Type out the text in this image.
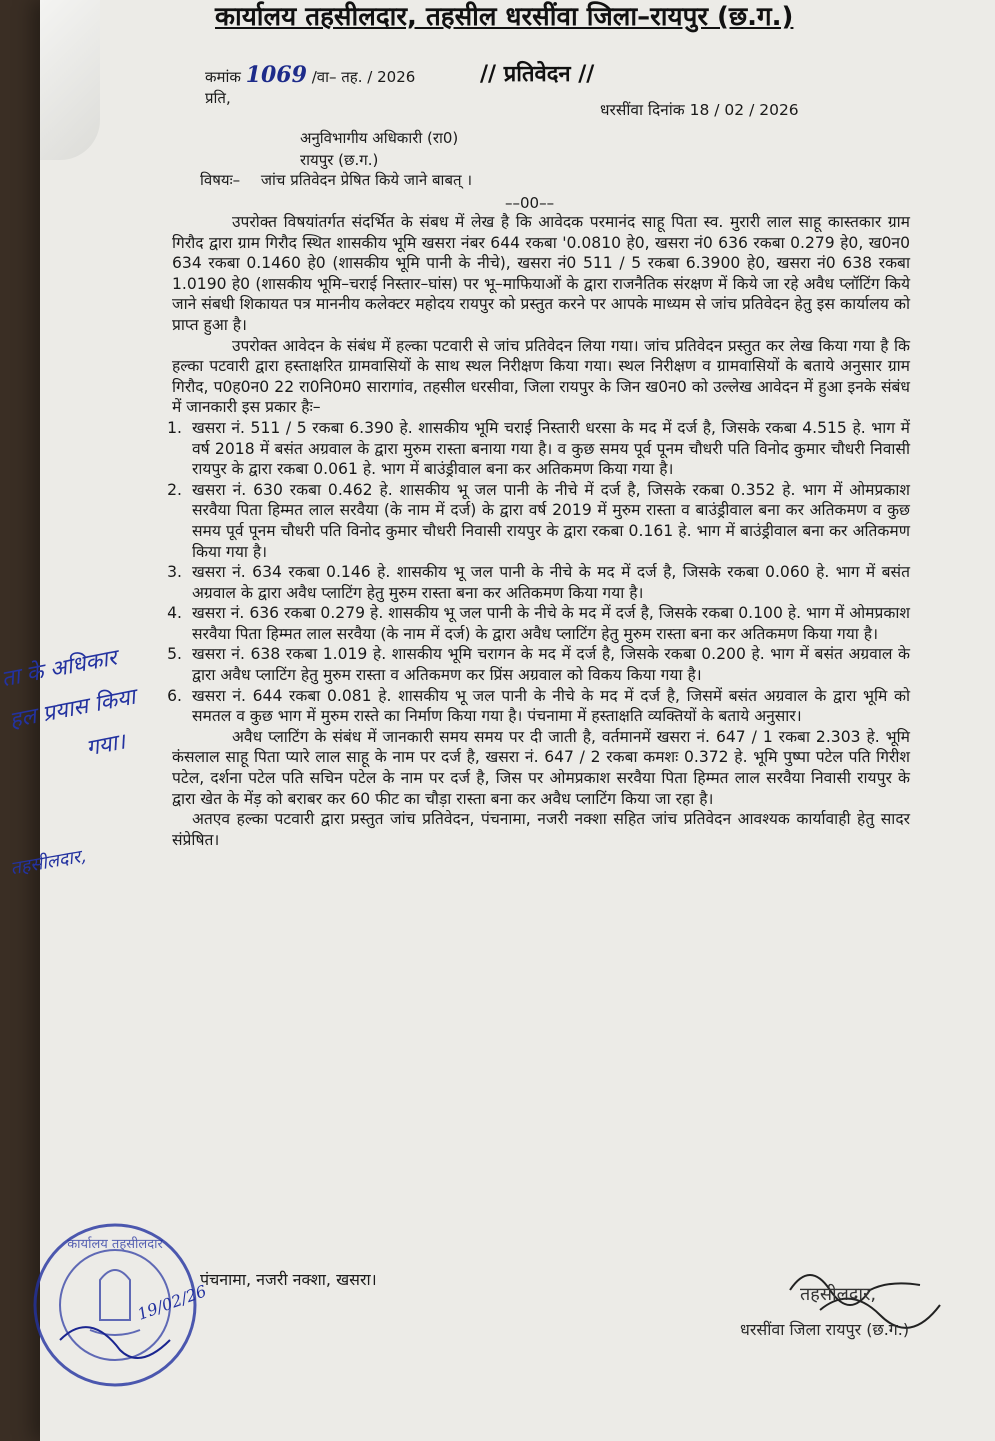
कार्यालय तहसीलदार, तहसील धरसींवा जिला–रायपुर (छ.ग.)
// प्रतिवेदन //
कमांक 1069 /वा– तह. / 2026
प्रति,
धरसींवा दिनांक 18 / 02 / 2026
अनुविभागीय अधिकारी (रा0)
रायपुर (छ.ग.)
विषयः– जांच प्रतिवेदन प्रेषित किये जाने बाबत् ।
––00––

उपरोक्त विषयांतर्गत संदर्भित के संबध में लेख है कि आवेदक परमानंद साहू पिता स्व. मुरारी लाल साहू कास्तकार ग्राम गिरौद द्वारा ग्राम गिरौद स्थित शासकीय भूमि खसरा नंबर 644 रकबा '0.0810 हे0, खसरा नं0 636 रकबा 0.279 हे0, ख0न0 634 रकबा 0.1460 हे0 (शासकीय भूमि पानी के नीचे), खसरा नं0 511 / 5 रकबा 6.3900 हे0, खसरा नं0 638 रकबा 1.0190 हे0 (शासकीय भूमि–चराई निस्तार–घांस) पर भू–माफियाओं के द्वारा राजनैतिक संरक्षण में किये जा रहे अवैध प्लॉटिंग किये जाने संबधी शिकायत पत्र माननीय कलेक्टर महोदय रायपुर को प्रस्तुत करने पर आपके माध्यम से जांच प्रतिवेदन हेतु इस कार्यालय को प्राप्त हुआ है।

उपरोक्त आवेदन के संबंध में हल्का पटवारी से जांच प्रतिवेदन लिया गया। जांच प्रतिवेदन प्रस्तुत कर लेख किया गया है कि हल्का पटवारी द्वारा हस्ताक्षरित ग्रामवासियों के साथ स्थल निरीक्षण किया गया। स्थल निरीक्षण व ग्रामवासियों के बताये अनुसार ग्राम गिरौद, प0ह0न0 22 रा0नि0म0 सारागांव, तहसील धरसीवा, जिला रायपुर के जिन ख0न0 को उल्लेख आवेदन में हुआ इनके संबंध में जानकारी इस प्रकार हैः–

1. खसरा नं. 511 / 5 रकबा 6.390 हे. शासकीय भूमि चराई निस्तारी धरसा के मद में दर्ज है, जिसके रकबा 4.515 हे. भाग में वर्ष 2018 में बसंत अग्रवाल के द्वारा मुरुम रास्ता बनाया गया है। व कुछ समय पूर्व पूनम चौधरी पति विनोद कुमार चौधरी निवासी रायपुर के द्वारा रकबा 0.061 हे. भाग में बाउंड्रीवाल बना कर अतिकमण किया गया है।
2. खसरा नं. 630 रकबा 0.462 हे. शासकीय भू जल पानी के नीचे में दर्ज है, जिसके रकबा 0.352 हे. भाग में ओमप्रकाश सरवैया पिता हिम्मत लाल सरवैया (के नाम में दर्ज) के द्वारा वर्ष 2019 में मुरुम रास्ता व बाउंड्रीवाल बना कर अतिकमण व कुछ समय पूर्व पूनम चौधरी पति विनोद कुमार चौधरी निवासी रायपुर के द्वारा रकबा 0.161 हे. भाग में बाउंड्रीवाल बना कर अतिकमण किया गया है।
3. खसरा नं. 634 रकबा 0.146 हे. शासकीय भू जल पानी के नीचे के मद में दर्ज है, जिसके रकबा 0.060 हे. भाग में बसंत अग्रवाल के द्वारा अवैध प्लाटिंग हेतु मुरुम रास्ता बना कर अतिकमण किया गया है।
4. खसरा नं. 636 रकबा 0.279 हे. शासकीय भू जल पानी के नीचे के मद में दर्ज है, जिसके रकबा 0.100 हे. भाग में ओमप्रकाश सरवैया पिता हिम्मत लाल सरवैया (के नाम में दर्ज) के द्वारा अवैध प्लाटिंग हेतु मुरुम रास्ता बना कर अतिकमण किया गया है।
5. खसरा नं. 638 रकबा 1.019 हे. शासकीय भूमि चरागन के मद में दर्ज है, जिसके रकबा 0.200 हे. भाग में बसंत अग्रवाल के द्वारा अवैध प्लाटिंग हेतु मुरुम रास्ता व अतिकमण कर प्रिंस अग्रवाल को विकय किया गया है।
6. खसरा नं. 644 रकबा 0.081 हे. शासकीय भू जल पानी के नीचे के मद में दर्ज है, जिसमें बसंत अग्रवाल के द्वारा भूमि को समतल व कुछ भाग में मुरुम रास्ते का निर्माण किया गया है। पंचनामा में हस्ताक्षति व्यक्तियों के बताये अनुसार।

अवैध प्लाटिंग के संबंध में जानकारी समय समय पर दी जाती है, वर्तमानमें खसरा नं. 647 / 1 रकबा 2.303 हे. भूमि कंसलाल साहू पिता प्यारे लाल साहू के नाम पर दर्ज है, खसरा नं. 647 / 2 रकबा कमशः 0.372 हे. भूमि पुष्पा पटेल पति गिरीश पटेल, दर्शना पटेल पति सचिन पटेल के नाम पर दर्ज है, जिस पर ओमप्रकाश सरवैया पिता हिम्मत लाल सरवैया निवासी रायपुर के द्वारा खेत के मेंड़ को बराबर कर 60 फीट का चौड़ा रास्ता बना कर अवैध प्लाटिंग किया जा रहा है।

अतएव हल्का पटवारी द्वारा प्रस्तुत जांच प्रतिवेदन, पंचनामा, नजरी नक्शा सहित जांच प्रतिवेदन आवश्यक कार्यावाही हेतु सादर संप्रेषित।

पंचनामा, नजरी नक्शा, खसरा।
ता के अधिकार
हल प्रयास किया
गया।
तहसीलदार,
कार्यालय तहसीलदार
19/02/26	तहसीलदार,
धरसींवा जिला रायपुर (छ.ग.)
